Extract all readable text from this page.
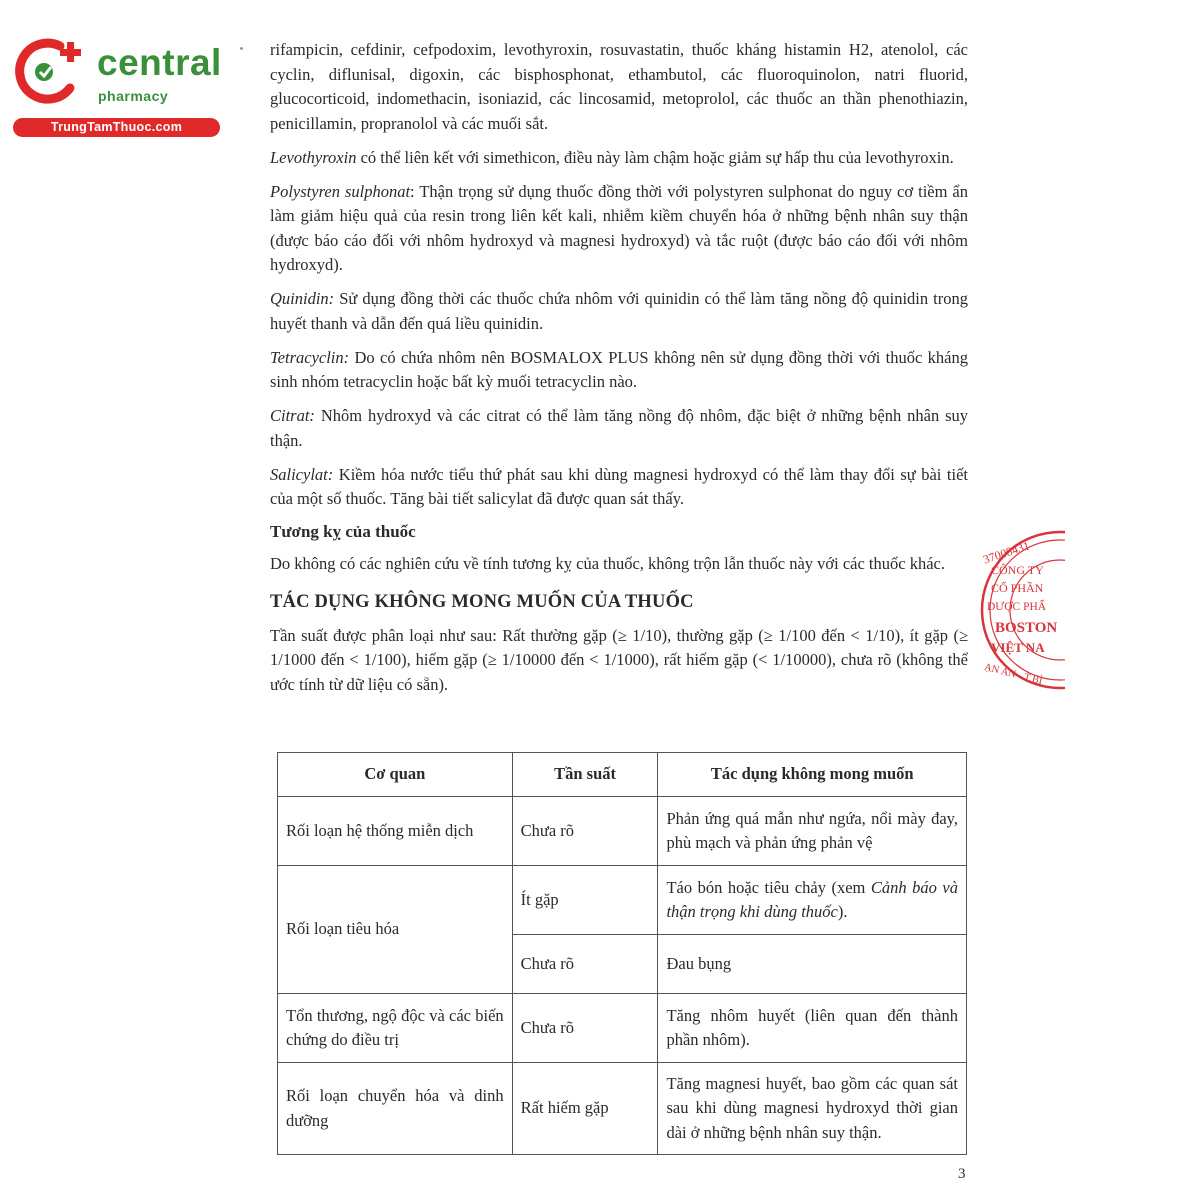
central
pharmacy
TrungTamThuoc.com

rifampicin, cefdinir, cefpodoxim, levothyroxin, rosuvastatin, thuốc kháng histamin H2, atenolol, các cyclin, diflunisal, digoxin, các bisphosphonat, ethambutol, các fluoroquinolon, natri fluorid, glucocorticoid, indomethacin, isoniazid, các lincosamid, metoprolol, các thuốc an thần phenothiazin, penicillamin, propranolol và các muối sắt.

Levothyroxin có thể liên kết với simethicon, điều này làm chậm hoặc giảm sự hấp thu của levothyroxin.

Polystyren sulphonat: Thận trọng sử dụng thuốc đồng thời với polystyren sulphonat do nguy cơ tiềm ẩn làm giảm hiệu quả của resin trong liên kết kali, nhiễm kiềm chuyển hóa ở những bệnh nhân suy thận (được báo cáo đối với nhôm hydroxyd và magnesi hydroxyd) và tắc ruột (được báo cáo đối với nhôm hydroxyd).

Quinidin: Sử dụng đồng thời các thuốc chứa nhôm với quinidin có thể làm tăng nồng độ quinidin trong huyết thanh và dẫn đến quá liều quinidin.

Tetracyclin: Do có chứa nhôm nên BOSMALOX PLUS không nên sử dụng đồng thời với thuốc kháng sinh nhóm tetracyclin hoặc bất kỳ muối tetracyclin nào.

Citrat: Nhôm hydroxyd và các citrat có thể làm tăng nồng độ nhôm, đặc biệt ở những bệnh nhân suy thận.

Salicylat: Kiềm hóa nước tiểu thứ phát sau khi dùng magnesi hydroxyd có thể làm thay đổi sự bài tiết của một số thuốc. Tăng bài tiết salicylat đã được quan sát thấy.

Tương kỵ của thuốc

Do không có các nghiên cứu về tính tương kỵ của thuốc, không trộn lẫn thuốc này với các thuốc khác.

TÁC DỤNG KHÔNG MONG MUỐN CỦA THUỐC

Tần suất được phân loại như sau: Rất thường gặp (≥ 1/10), thường gặp (≥ 1/100 đến < 1/10), ít gặp (≥ 1/1000 đến < 1/100), hiếm gặp (≥ 1/10000 đến < 1/1000), rất hiếm gặp (< 1/10000), chưa rõ (không thể ước tính từ dữ liệu có sẵn).

Cơ quan	Tần suất	Tác dụng không mong muốn
Rối loạn hệ thống miễn dịch	Chưa rõ	Phản ứng quá mẫn như ngứa, nổi mày đay, phù mạch và phản ứng phản vệ
Rối loạn tiêu hóa	Ít gặp	Táo bón hoặc tiêu chảy (xem Cảnh báo và thận trọng khi dùng thuốc).
	Chưa rõ	Đau bụng
Tổn thương, ngộ độc và các biến chứng do điều trị	Chưa rõ	Tăng nhôm huyết (liên quan đến thành phần nhôm).
Rối loạn chuyển hóa và dinh dưỡng	Rất hiếm gặp	Tăng magnesi huyết, bao gồm các quan sát sau khi dùng magnesi hydroxyd thời gian dài ở những bệnh nhân suy thận.
3
37008431
CÔNG TY
CỔ PHẦN
DƯỢC PHẨ
BOSTON
VIỆT NA
ẠN AN - T.BÌ
